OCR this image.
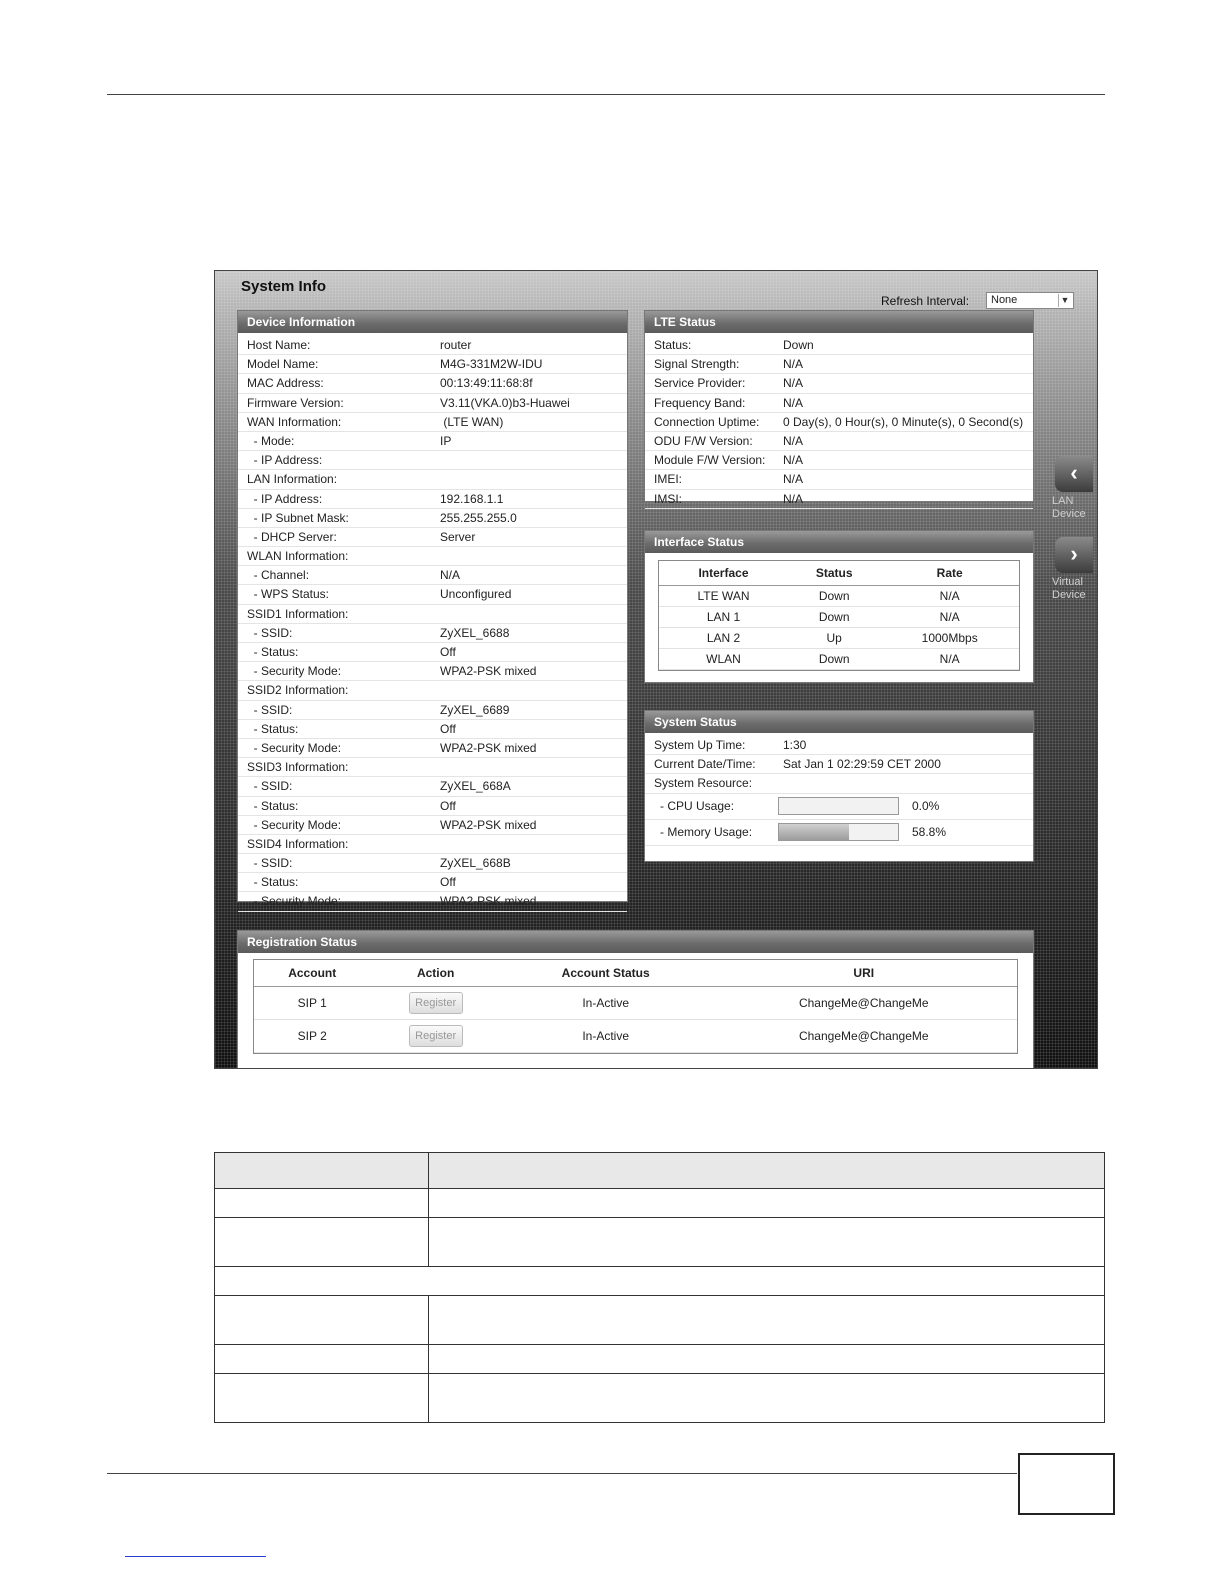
System Info
Refresh Interval:	None	▼
Device Information
Host Name:	router
Model Name:	M4G-331M2W-IDU
MAC Address:	00:13:49:11:68:8f
Firmware Version:	V3.11(VKA.0)b3-Huawei
WAN Information:	(LTE WAN)
- Mode:	IP
- IP Address:
LAN Information:
- IP Address:	192.168.1.1
- IP Subnet Mask:	255.255.255.0
- DHCP Server:	Server
WLAN Information:
- Channel:	N/A
- WPS Status:	Unconfigured
SSID1 Information:
- SSID:	ZyXEL_6688
- Status:	Off
- Security Mode:	WPA2-PSK mixed
SSID2 Information:
- SSID:	ZyXEL_6689
- Status:	Off
- Security Mode:	WPA2-PSK mixed
SSID3 Information:
- SSID:	ZyXEL_668A
- Status:	Off
- Security Mode:	WPA2-PSK mixed
SSID4 Information:
- SSID:	ZyXEL_668B
- Status:	Off
- Security Mode:	WPA2-PSK mixed
LTE Status
Status:	Down
Signal Strength:	N/A
Service Provider:	N/A
Frequency Band:	N/A
Connection Uptime:	0 Day(s), 0 Hour(s), 0 Minute(s), 0 Second(s)
ODU F/W Version:	N/A
Module F/W Version:	N/A
IMEI:	N/A
IMSI:	N/A
Interface Status
Interface	Status	Rate
LTE WAN	Down	N/A
LAN 1	Down	N/A
LAN 2	Up	1000Mbps
WLAN	Down	N/A
System Status
System Up Time:	1:30
Current Date/Time:	Sat Jan 1 02:29:59 CET 2000
System Resource:
- CPU Usage:	0.0%
- Memory Usage:	58.8%
‹
LAN
Device
›
Virtual
Device
Registration Status
Account	Action	Account Status	URI
SIP 1	Register	In-Active	ChangeMe@ChangeMe
SIP 2	Register	In-Active	ChangeMe@ChangeMe
